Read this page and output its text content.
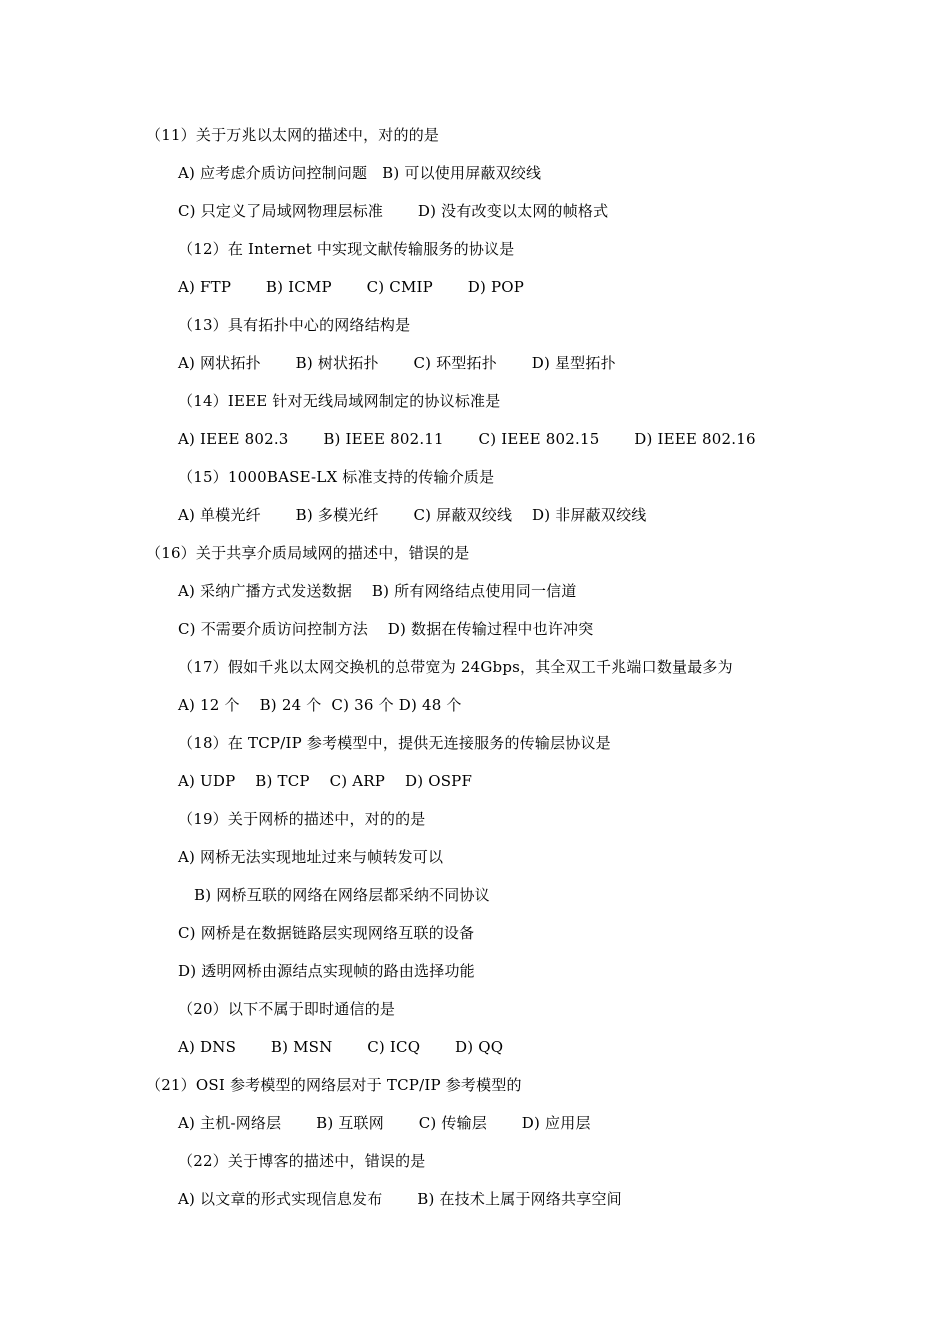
（11）关于万兆以太网的描述中，对的的是
A) 应考虑介质访问控制问题   B) 可以使用屏蔽双绞线
C) 只定义了局域网物理层标准       D) 没有改变以太网的帧格式
（12）在 Internet 中实现文献传输服务的协议是
A) FTP       B) ICMP       C) CMIP       D) POP
（13）具有拓扑中心的网络结构是
A) 网状拓扑       B) 树状拓扑       C) 环型拓扑       D) 星型拓扑
（14）IEEE 针对无线局域网制定的协议标准是
A) IEEE 802.3       B) IEEE 802.11       C) IEEE 802.15       D) IEEE 802.16
（15）1000BASE-LX 标准支持的传输介质是
A) 单模光纤       B) 多模光纤       C) 屏蔽双绞线    D) 非屏蔽双绞线
（16）关于共享介质局域网的描述中，错误的是
A) 采纳广播方式发送数据    B) 所有网络结点使用同一信道
C) 不需要介质访问控制方法    D) 数据在传输过程中也许冲突
（17）假如千兆以太网交换机的总带宽为 24Gbps，其全双工千兆端口数量最多为
A) 12 个    B) 24 个  C) 36 个 D) 48 个
（18）在 TCP/IP 参考模型中，提供无连接服务的传输层协议是
A) UDP    B) TCP    C) ARP    D) OSPF
（19）关于网桥的描述中，对的的是
A) 网桥无法实现地址过来与帧转发可以
B) 网桥互联的网络在网络层都采纳不同协议
C) 网桥是在数据链路层实现网络互联的设备
D) 透明网桥由源结点实现帧的路由选择功能
（20）以下不属于即时通信的是
A) DNS       B) MSN       C) ICQ       D) QQ
（21）OSI 参考模型的网络层对于 TCP/IP 参考模型的
A) 主机-网络层       B) 互联网       C) 传输层       D) 应用层
（22）关于博客的描述中，错误的是
A) 以文章的形式实现信息发布       B) 在技术上属于网络共享空间
